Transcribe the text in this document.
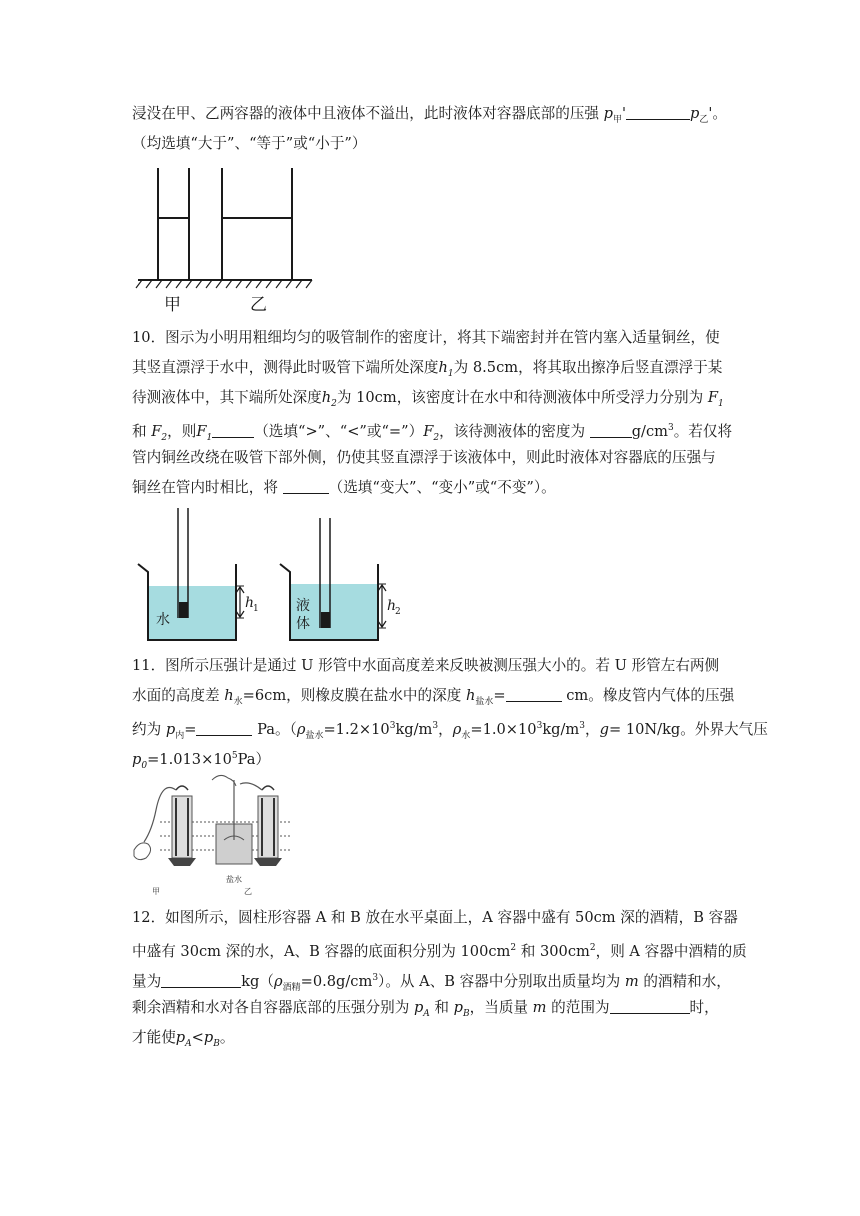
浸没在甲、乙两容器的液体中且液体不溢出，此时液体对容器底部的压强 $p_甲'$	$p_乙'$。
（均选填“大于”、“等于”或“小于”）
甲	乙
10．图示为小明用粗细均匀的吸管制作的密度计，将其下端密封并在管内塞入适量铜丝，使
其竖直漂浮于水中，测得此时吸管下端所处深度$h_1$为 8.5cm，将其取出擦净后竖直漂浮于某
待测液体中，其下端所处深度$h_2$为 10cm，该密度计在水中和待测液体中所受浮力分别为 $F_1$
和 $F_2$，则$F_1$	（选填“>”、“<”或“$=”)F_2$，该待测液体的密度为	$g/cm^3$。若仅将
管内铜丝改绕在吸管下部外侧，仍使其竖直漂浮于该液体中，则此时液体对容器底的压强与
铜丝在管内时相比，将	（选填“变大”、“变小”或“不变”）。
h
1
水
h
2
液
体
11．图所示压强计是通过 U 形管中水面高度差来反映被测压强大小的。若 U 形管左右两侧
水面的高度差 $h_水=6cm$，则橡皮膜在盐水中的深度 $h_{盐水}=$	cm。橡皮管内气体的压强
约为 $p_内=$	Pa。（$\rho_{盐水}=1.2\times 10^3kg/m^3$，$\rho_水=1.0\times 10^3kg/m^3$，g= 10N/kg。外界大气压
$p_0=1.013\times 10^5Pa$）
甲
盐水
乙
12．如图所示，圆柱形容器 A 和 B 放在水平桌面上，A 容器中盛有 50cm 深的酒精，B 容器
中盛有 30cm 深的水，A、B 容器的底面积分别为 $100cm^2$ 和 $300cm^2$，则 A 容器中酒精的质
量为	$kg(\rho_{酒精}=0.8g/cm^3)$。从 A、B 容器中分别取出质量均为 m 的酒精和水，
剩余酒精和水对各自容器底部的压强分别为 $p_A$ 和 $p_B$，当质量 m 的范围为	时，
才能使$p_A<p_B$。
